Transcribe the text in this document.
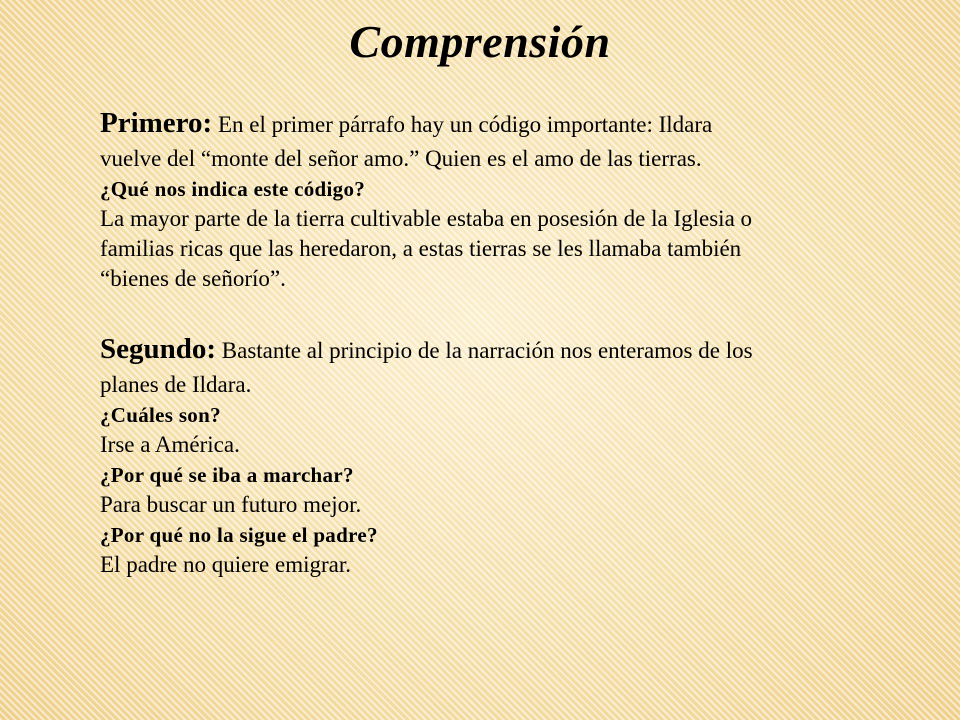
Comprensión
Primero: En el primer párrafo hay un código importante: Ildara
vuelve del “monte del señor amo.” Quien es el amo de las tierras.
¿Qué nos indica este código?
La mayor parte de la tierra cultivable estaba en posesión de la Iglesia o
familias ricas que las heredaron, a estas tierras se les llamaba también
“bienes de señorío”.
Segundo: Bastante al principio de la narración nos enteramos de los
planes de Ildara.
¿Cuáles son?
Irse a América.
¿Por qué se iba a marchar?
Para buscar un futuro mejor.
¿Por qué no la sigue el padre?
El padre no quiere emigrar.
